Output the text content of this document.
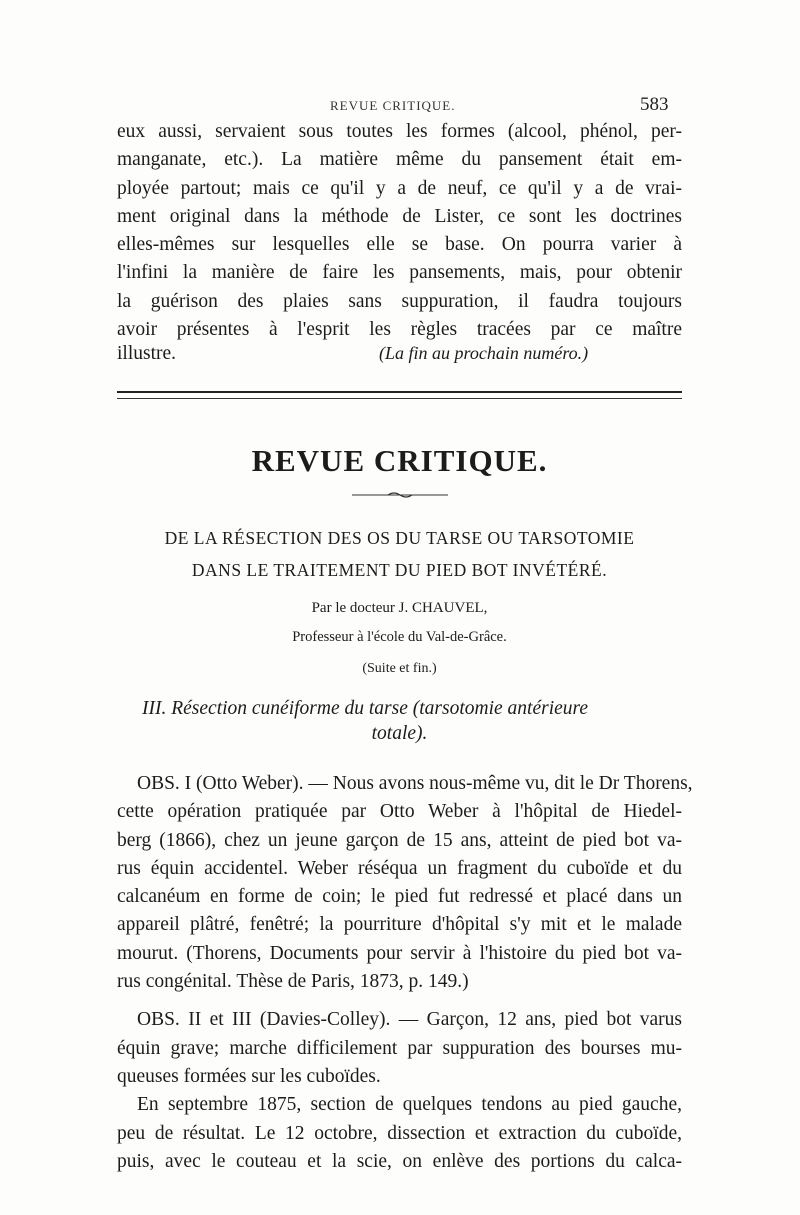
REVUE CRITIQUE.	583

eux aussi, servaient sous toutes les formes (alcool, phénol, per-
manganate, etc.). La matière même du pansement était em-
ployée partout; mais ce qu'il y a de neuf, ce qu'il y a de vrai-
ment original dans la méthode de Lister, ce sont les doctrines
elles-mêmes sur lesquelles elle se base. On pourra varier à
l'infini la manière de faire les pansements, mais, pour obtenir
la guérison des plaies sans suppuration, il faudra toujours
avoir présentes à l'esprit les règles tracées par ce maître

illustre.	(La fin au prochain numéro.)
REVUE CRITIQUE.
DE LA RÉSECTION DES OS DU TARSE OU TARSOTOMIE
DANS LE TRAITEMENT DU PIED BOT INVÉTÉRÉ.
Par le docteur J. CHAUVEL,
Professeur à l'école du Val-de-Grâce.
(Suite et fin.)
III. Résection cunéiforme du tarse (tarsotomie antérieure
totale).

OBS. I (Otto Weber). — Nous avons nous-même vu, dit le Dr Thorens,
cette opération pratiquée par Otto Weber à l'hôpital de Hiedel-
berg (1866), chez un jeune garçon de 15 ans, atteint de pied bot va-
rus équin accidentel. Weber réséqua un fragment du cuboïde et du
calcanéum en forme de coin; le pied fut redressé et placé dans un
appareil plâtré, fenêtré; la pourriture d'hôpital s'y mit et le malade
mourut. (Thorens, Documents pour servir à l'histoire du pied bot va-
rus congénital. Thèse de Paris, 1873, p. 149.)

OBS. II et III (Davies-Colley). — Garçon, 12 ans, pied bot varus
équin grave; marche difficilement par suppuration des bourses mu-
queuses formées sur les cuboïdes.
En septembre 1875, section de quelques tendons au pied gauche,
peu de résultat. Le 12 octobre, dissection et extraction du cuboïde,
puis, avec le couteau et la scie, on enlève des portions du calca-
